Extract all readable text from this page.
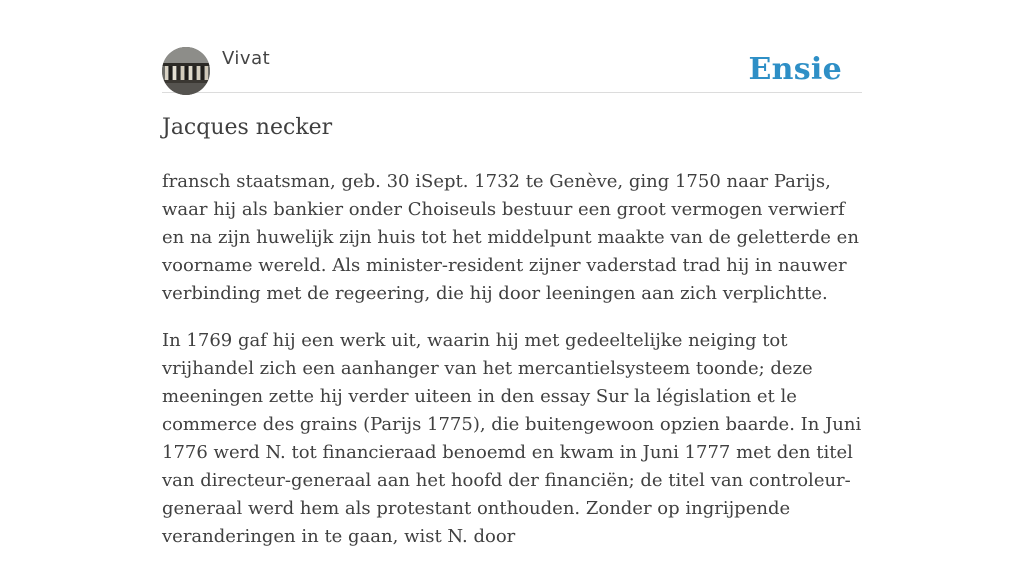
Vivat	Ensie
Jacques necker

fransch staatsman, geb. 30 iSept. 1732 te Genève, ging 1750 naar Parijs, waar hij als bankier onder Choiseuls bestuur een groot vermogen verwierf en na zijn huwelijk zijn huis tot het middelpunt maakte van de geletterde en voorname wereld. Als minister-resident zijner vaderstad trad hij in nauwer verbinding met de regeering, die hij door leeningen aan zich verplichtte.

In 1769 gaf hij een werk uit, waarin hij met gedeeltelijke neiging tot vrijhandel zich een aanhanger van het mercantielsysteem toonde; deze meeningen zette hij verder uiteen in den essay Sur la législation et le commerce des grains (Parijs 1775), die buitengewoon opzien baarde. In Juni 1776 werd N. tot financieraad benoemd en kwam in Juni 1777 met den titel van directeur-generaal aan het hoofd der financiën; de titel van controleur-generaal werd hem als protestant onthouden. Zonder op ingrijpende veranderingen in te gaan, wist N. door
